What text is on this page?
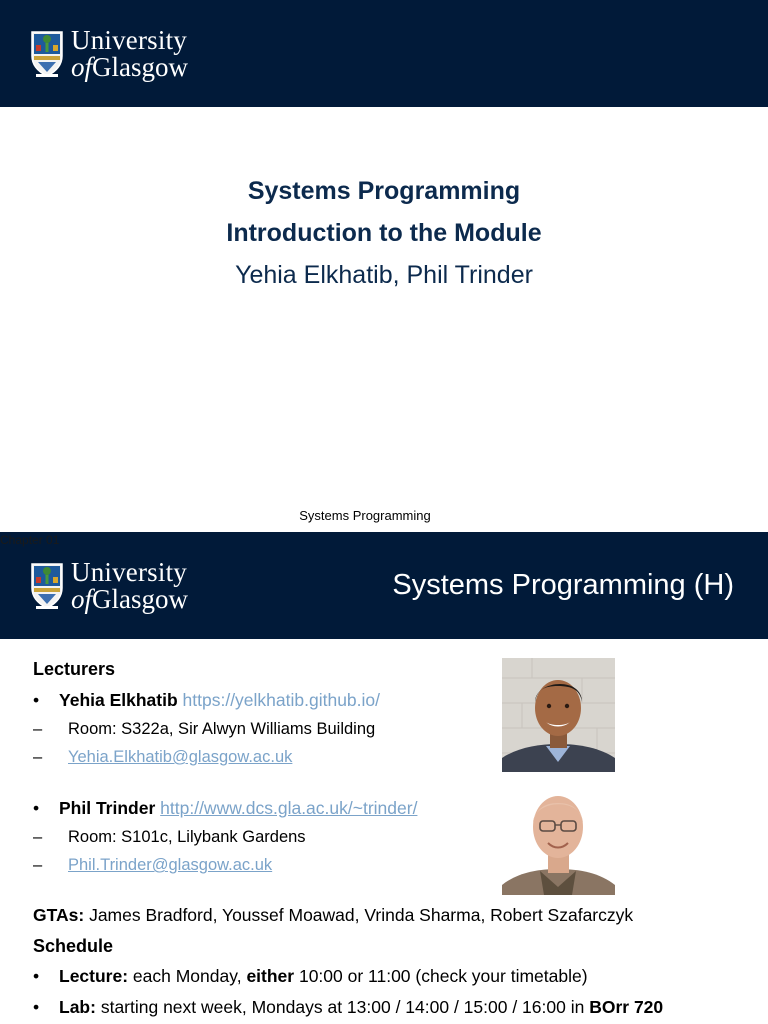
University
ofGlasgow

Systems Programming

Introduction to the Module

Yehia Elkhatib, Phil Trinder

Systems Programming
Chapter 01
University
ofGlasgow	Systems Programming (H)
Lecturers
•	Yehia Elkhatib
https://yelkhatib.github.io/
–	Room: S322a, Sir Alwyn Williams Building
–	Yehia.Elkhatib@glasgow.ac.uk
•	Phil Trinder
http://www.dcs.gla.ac.uk/~trinder/
–	Room: S101c, Lilybank Gardens
–	Phil.Trinder@glasgow.ac.uk
GTAs:
James Bradford, Youssef Moawad, Vrinda Sharma, Robert Szafarczyk
Schedule
•	Lecture:
each Monday,
either
10:00 or 11:00 (check your timetable)
•	Lab:
starting next week, Mondays at 13:00 / 14:00 / 15:00 / 16:00 in
BOrr 720
